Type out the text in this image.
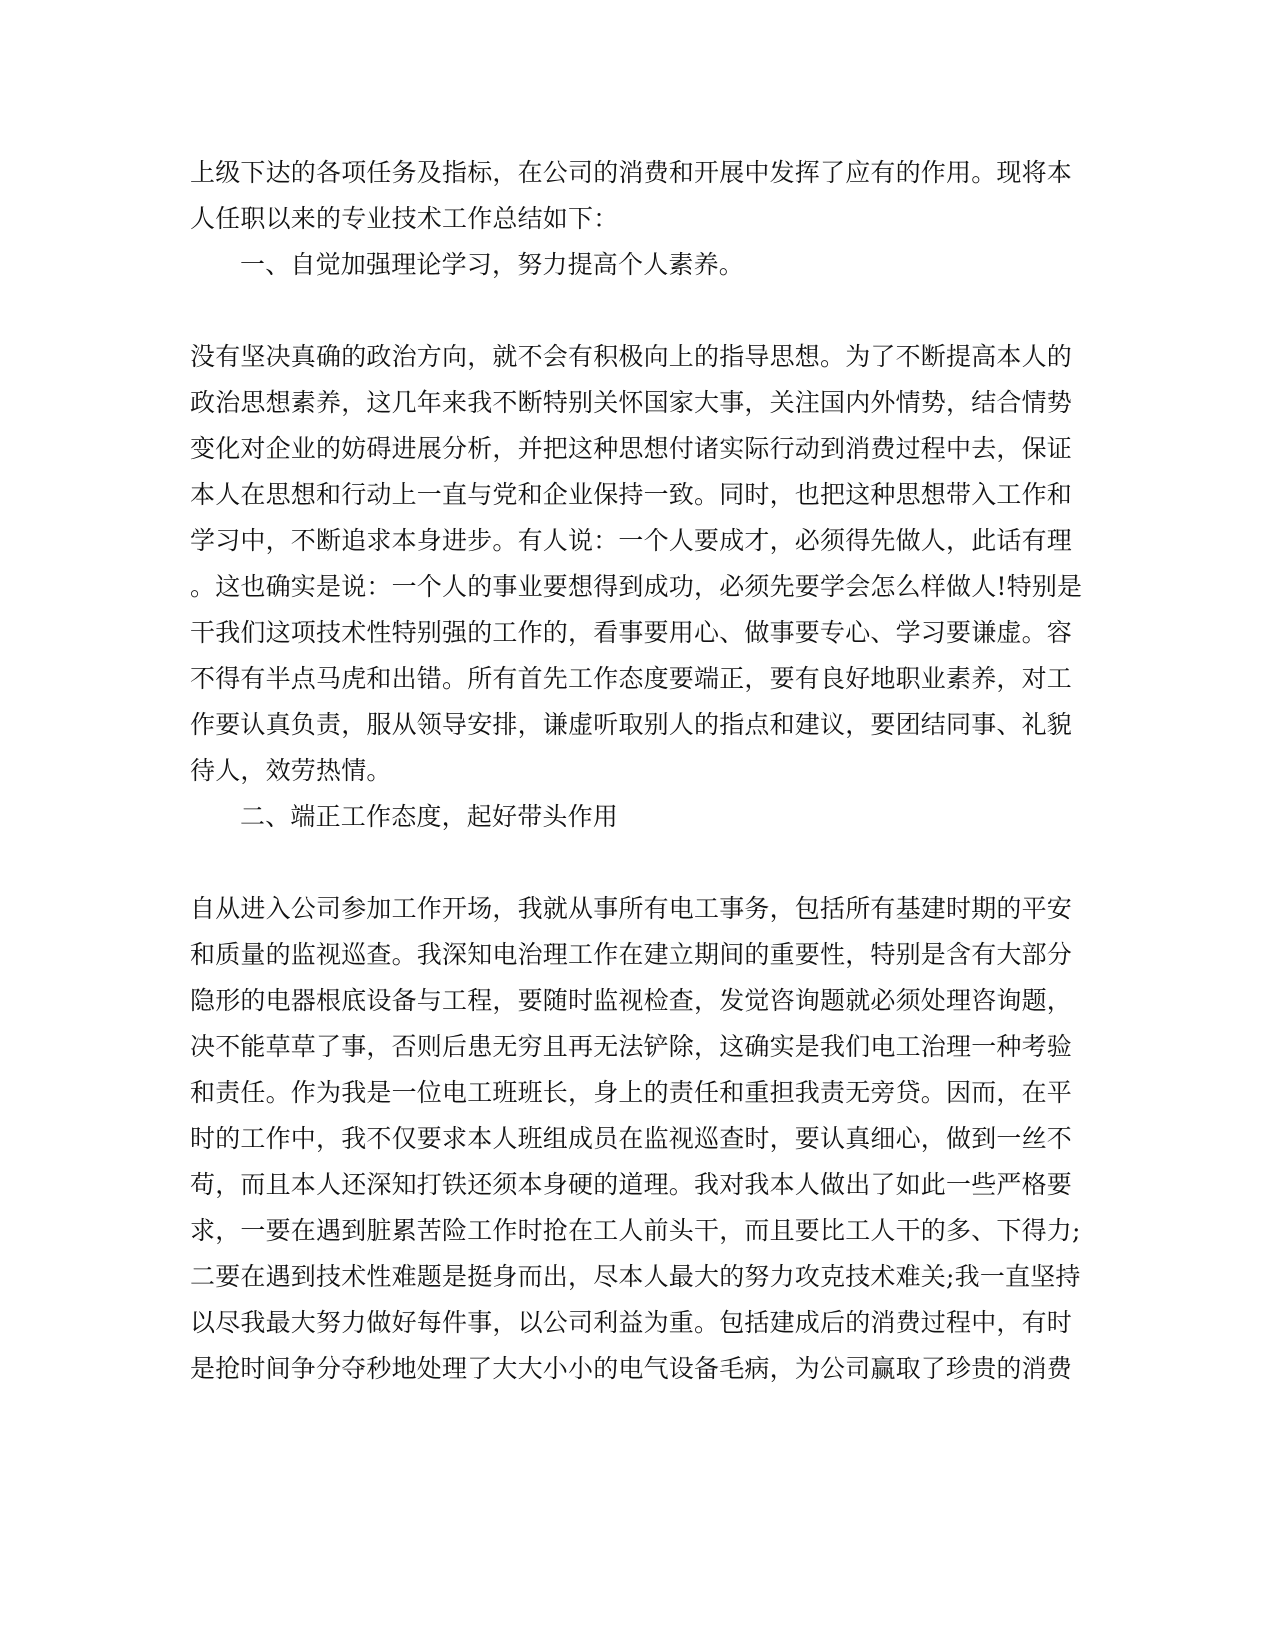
上级下达的各项任务及指标，在公司的消费和开展中发挥了应有的作用。现将本
人任职以来的专业技术工作总结如下：
一、自觉加强理论学习，努力提高个人素养。
没有坚决真确的政治方向，就不会有积极向上的指导思想。为了不断提高本人的
政治思想素养，这几年来我不断特别关怀国家大事，关注国内外情势，结合情势
变化对企业的妨碍进展分析，并把这种思想付诸实际行动到消费过程中去，保证
本人在思想和行动上一直与党和企业保持一致。同时，也把这种思想带入工作和
学习中，不断追求本身进步。有人说：一个人要成才，必须得先做人，此话有理
。这也确实是说：一个人的事业要想得到成功，必须先要学会怎么样做人!特别是
干我们这项技术性特别强的工作的，看事要用心、做事要专心、学习要谦虚。容
不得有半点马虎和出错。所有首先工作态度要端正，要有良好地职业素养，对工
作要认真负责，服从领导安排，谦虚听取别人的指点和建议，要团结同事、礼貌
待人，效劳热情。
二、端正工作态度，起好带头作用
自从进入公司参加工作开场，我就从事所有电工事务，包括所有基建时期的平安
和质量的监视巡查。我深知电治理工作在建立期间的重要性，特别是含有大部分
隐形的电器根底设备与工程，要随时监视检查，发觉咨询题就必须处理咨询题，
决不能草草了事，否则后患无穷且再无法铲除，这确实是我们电工治理一种考验
和责任。作为我是一位电工班班长，身上的责任和重担我责无旁贷。因而，在平
时的工作中，我不仅要求本人班组成员在监视巡查时，要认真细心，做到一丝不
苟，而且本人还深知打铁还须本身硬的道理。我对我本人做出了如此一些严格要
求，一要在遇到脏累苦险工作时抢在工人前头干，而且要比工人干的多、下得力;
二要在遇到技术性难题是挺身而出，尽本人最大的努力攻克技术难关;我一直坚持
以尽我最大努力做好每件事，以公司利益为重。包括建成后的消费过程中，有时
是抢时间争分夺秒地处理了大大小小的电气设备毛病，为公司赢取了珍贵的消费
